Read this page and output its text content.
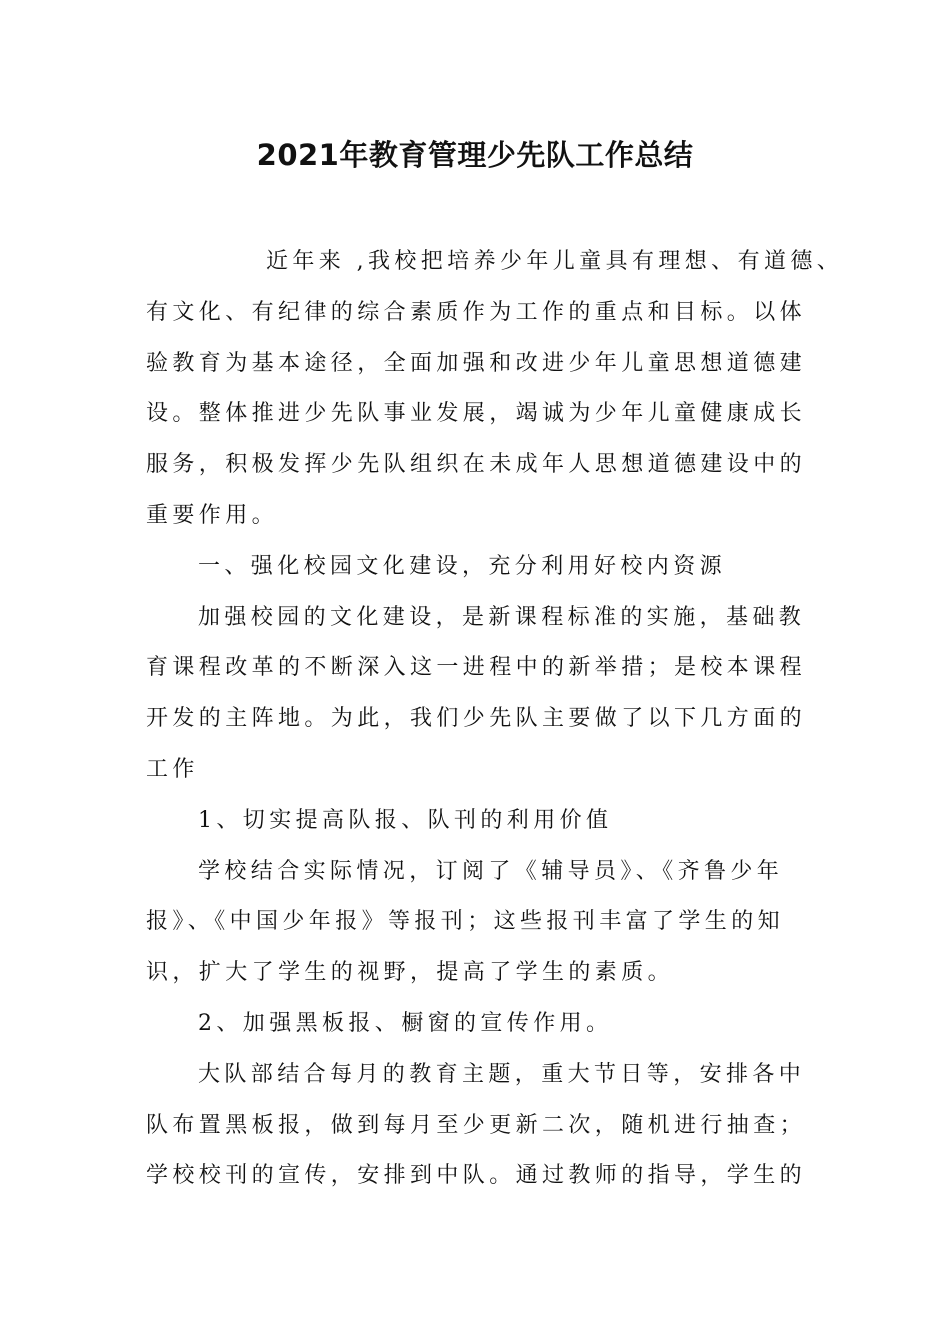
2021年教育管理少先队工作总结
近年来 ,我校把培养少年儿童具有理想、有道德、
有文化、有纪律的综合素质作为工作的重点和目标。以体
验教育为基本途径，全面加强和改进少年儿童思想道德建
设。整体推进少先队事业发展，竭诚为少年儿童健康成长
服务，积极发挥少先队组织在未成年人思想道德建设中的
重要作用。
一、强化校园文化建设，充分利用好校内资源
加强校园的文化建设，是新课程标准的实施，基础教
育课程改革的不断深入这一进程中的新举措；是校本课程
开发的主阵地。为此，我们少先队主要做了以下几方面的
工作
1、切实提高队报、队刊的利用价值
学校结合实际情况，订阅了《辅导员》、《齐鲁少年
报》、《中国少年报》等报刊；这些报刊丰富了学生的知
识，扩大了学生的视野，提高了学生的素质。
2、加强黑板报、橱窗的宣传作用。
大队部结合每月的教育主题，重大节日等，安排各中
队布置黑板报，做到每月至少更新二次，随机进行抽查；
学校校刊的宣传，安排到中队。通过教师的指导，学生的
